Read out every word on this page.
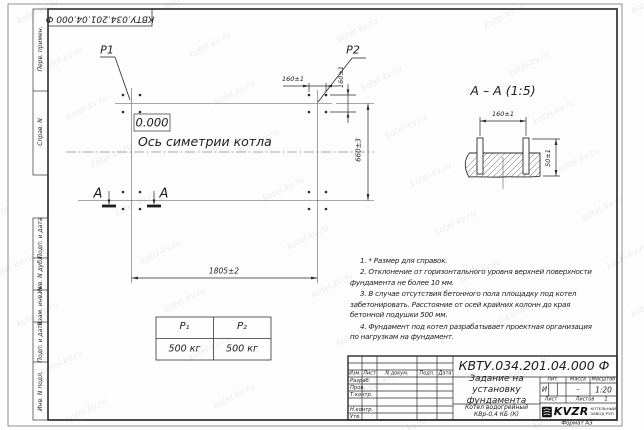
КВТУ.034.201.04.000 Ф
Перв. примен.
Справ. N
Подп. и дата
Инв. N дубл.
Взам. инв. N
Подп. и дата
Инв. N подл.
P1	P2
0.000
Ось симетрии котла
А	А
160±1	160±1
660±3
1805±2
А – А (1:5)
160±1
50±1
P₁	P₂
500 кг	500 кг

1. * Размер для справок.

2. Отклонение от горизонтального уровня верхней поверхности фундамента не более 10 мм.

3. В случае отсутствия бетонного пола площадку под котел забетонировать. Расстояние от осей крайних колонн до края бетонной подушки 500 мм.

4. Фундамент под котел разрабатывает проектная организация по нагрузкам на фундамент.

КВТУ.034.201.04.000 Ф
Изм. Лист N докум. Подп. Дата
Разраб.
Пров.
Т.контр.
Н.контр.
Утв.
Задание на установку фундамента
Котел водогрейный
КВр-0,4 КБ (К)
Лит. Масса Масштаб
И	– 1:20
Лист	Листов 1
KVZR КОТЕЛЬНЫЙ
ЗАВОД РЭП
Формат А3
